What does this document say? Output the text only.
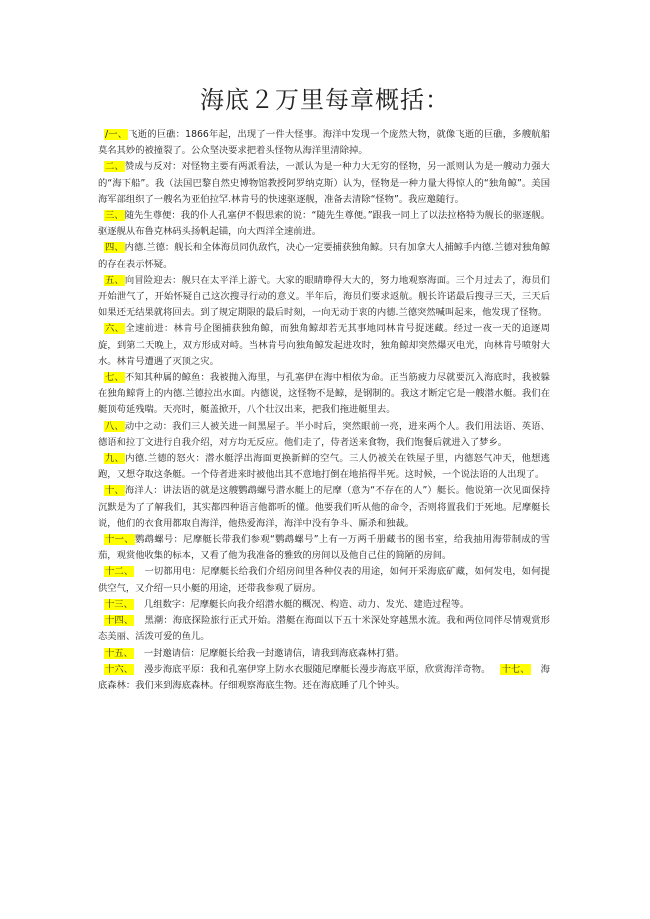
海底２万里每章概括：

/一、飞逝的巨礁：1866年起，出现了一件大怪事。海洋中发现一个庞然大物，就像飞逝的巨礁，多艘航船莫名其妙的被撞裂了。公众坚决要求把着头怪物从海洋里清除掉。

二、赞成与反对：对怪物主要有两派看法，一派认为是一种力大无穷的怪物，另一派则认为是一艘动力强大的“海下船”。我（法国巴黎自然史博物馆教授阿罗纳克斯）认为，怪物是一种力量大得惊人的“独角鲸”。美国海军部组织了一艘名为亚伯拉罕.林肯号的快速驱逐舰，准备去清除“怪物”。我应邀随行。

三、随先生尊便：我的仆人孔塞伊不假思索的说：“随先生尊便。”跟我一同上了以法拉格特为舰长的驱逐舰。驱逐舰从布鲁克林码头扬帆起锚，向大西洋全速前进。

四、内德.兰德：舰长和全体海员同仇敌忾，决心一定要捕获独角鲸。只有加拿大人捕鲸手内德.兰德对独角鲸的存在表示怀疑。

五、向冒险迎去：舰只在太平洋上游弋。大家的眼睛睁得大大的，努力地观察海面。三个月过去了，海员们开始泄气了，开始怀疑自己这次搜寻行动的意义。半年后，海员们要求返航。舰长许诺最后搜寻三天，三天后如果还无结果就将回去。到了规定期限的最后时刻，一向无动于衷的内德.兰德突然喊叫起来，他发现了怪物。

六、全速前进：林肯号企图捕获独角鲸，而独角鲸却若无其事地同林肯号捉迷藏。经过一夜一天的追逐周旋，到第二天晚上，双方形成对峙。当林肯号向独角鲸发起进攻时，独角鲸却突然爆灭电光，向林肯号喷射大水。林肯号遭遇了灭顶之灾。

七、不知其种属的鲸鱼：我被抛入海里，与孔塞伊在海中相依为命。正当筋疲力尽就要沉入海底时，我被躲在独角鲸背上的内德.兰德拉出水面。内德说，这怪物不是鲸，是钢制的。我这才断定它是一艘潜水艇。我们在艇顶苟延残喘。天亮时，艇盖掀开，八个壮汉出来，把我们拖进艇里去。

八、动中之动：我们三人被关进一间黑屋子。半小时后，突然眼前一亮，进来两个人。我们用法语、英语、德语和拉丁文进行自我介绍，对方均无反应。他们走了，侍者送来食物，我们饱餐后就进入了梦乡。

九、内德.兰德的怒火：潜水艇浮出海面更换新鲜的空气。三人仍被关在铁屋子里，内德怒气冲天，他想逃跑，又想夺取这条艇。一个侍者进来时被他出其不意地打倒在地掐得半死。这时候，一个说法语的人出现了。

十、海洋人：讲法语的就是这艘鹦鹉螺号潜水艇上的尼摩（意为“不存在的人”）艇长。他说第一次见面保持沉默是为了了解我们，其实都四种语言他都听的懂。他要我们听从他的命令，否则将置我们于死地。尼摩艇长说，他们的衣食用都取自海洋，他热爱海洋，海洋中没有争斗、厮杀和独裁。

十一、鹦鹉螺号：尼摩艇长带我们参观“鹦鹉螺号”上有一万两千册藏书的图书室，给我抽用海带制成的雪茄，观赏他收集的标本，又看了他为我准备的雅致的房间以及他自己住的简陋的房间。

十二、 一切都用电：尼摩艇长给我们介绍房间里各种仪表的用途，如何开采海底矿藏，如何发电，如何提供空气，又介绍一只小艇的用途，还带我参观了厨房。

十三、 几组数字：尼摩艇长向我介绍潜水艇的概况、构造、动力、发光、建造过程等。

十四、 黑潮：海底探险旅行正式开始。潜艇在海面以下五十米深处穿越黑水流。我和两位同伴尽情观赏形态美丽、活泼可爱的鱼儿。

十五、 一封邀请信：尼摩艇长给我一封邀请信，请我到海底森林打猎。

十六、 漫步海底平原：我和孔塞伊穿上防水衣服随尼摩艇长漫步海底平原，欣赏海洋奇物。 十七、 海底森林：我们来到海底森林。仔细观察海底生物。还在海底睡了几个钟头。
